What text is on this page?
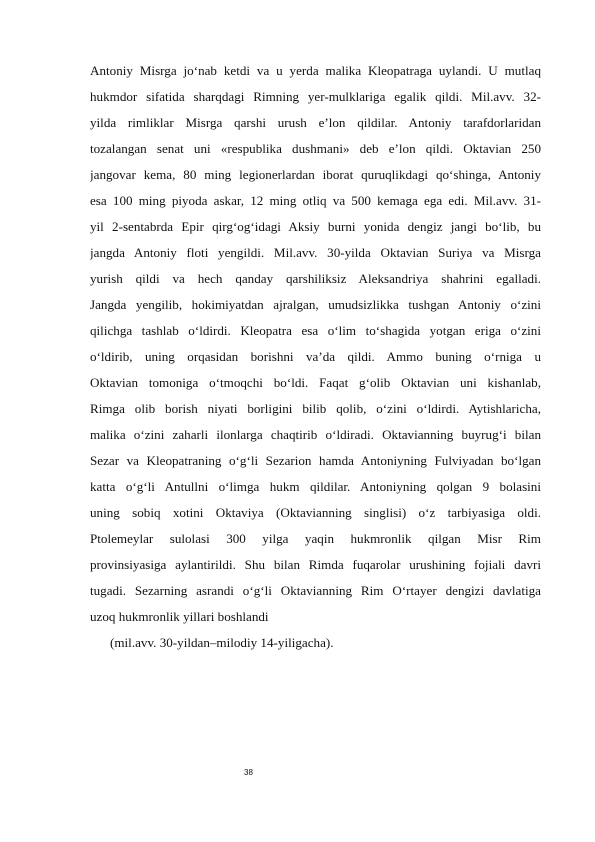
Antoniy Misrga joʻnab ketdi va u yerda malika Kleopatraga uylandi. U mutlaq
hukmdor sifatida sharqdagi Rimning yer-mulklariga egalik qildi. Mil.avv. 32-
yilda rimliklar Misrga qarshi urush e’lon qildilar. Antoniy tarafdorlaridan
tozalangan senat uni «respublika dushmani» deb e’lon qildi. Oktavian 250
jangovar kema, 80 ming legionerlardan iborat quruqlikdagi qoʻshinga, Antoniy
esa 100 ming piyoda askar, 12 ming otliq va 500 kemaga ega edi. Mil.avv. 31-
yil 2-sentabrda Epir qirgʻogʻidagi Aksiy burni yonida dengiz jangi boʻlib, bu
jangda Antoniy floti yengildi. Mil.avv. 30-yilda Oktavian Suriya va Misrga
yurish qildi va hech qanday qarshiliksiz Aleksandriya shahrini egalladi.
Jangda yengilib, hokimiyatdan ajralgan, umudsizlikka tushgan Antoniy oʻzini
qilichga tashlab oʻldirdi. Kleopatra esa oʻlim toʻshagida yotgan eriga oʻzini
oʻldirib, uning orqasidan borishni va’da qildi. Ammo buning oʻrniga u
Oktavian tomoniga oʻtmoqchi boʻldi. Faqat gʻolib Oktavian uni kishanlab,
Rimga olib borish niyati borligini bilib qolib, oʻzini oʻldirdi. Aytishlaricha,
malika oʻzini zaharli ilonlarga chaqtirib oʻldiradi. Oktavianning buyrugʻi bilan
Sezar va Kleopatraning oʻgʻli Sezarion hamda Antoniyning Fulviyadan boʻlgan
katta oʻgʻli Antullni oʻlimga hukm qildilar. Antoniyning qolgan 9 bolasini
uning sobiq xotini Oktaviya (Oktavianning singlisi) oʻz tarbiyasiga oldi.
Ptolemeylar sulolasi 300 yilga yaqin hukmronlik qilgan Misr Rim
provinsiyasiga aylantirildi. Shu bilan Rimda fuqarolar urushining fojiali davri
tugadi. Sezarning asrandi oʻgʻli Oktavianning Rim Oʻrtayer dengizi davlatiga
uzoq hukmronlik yillari boshlandi
(mil.avv. 30-yildan–milodiy 14-yiligacha).
38
